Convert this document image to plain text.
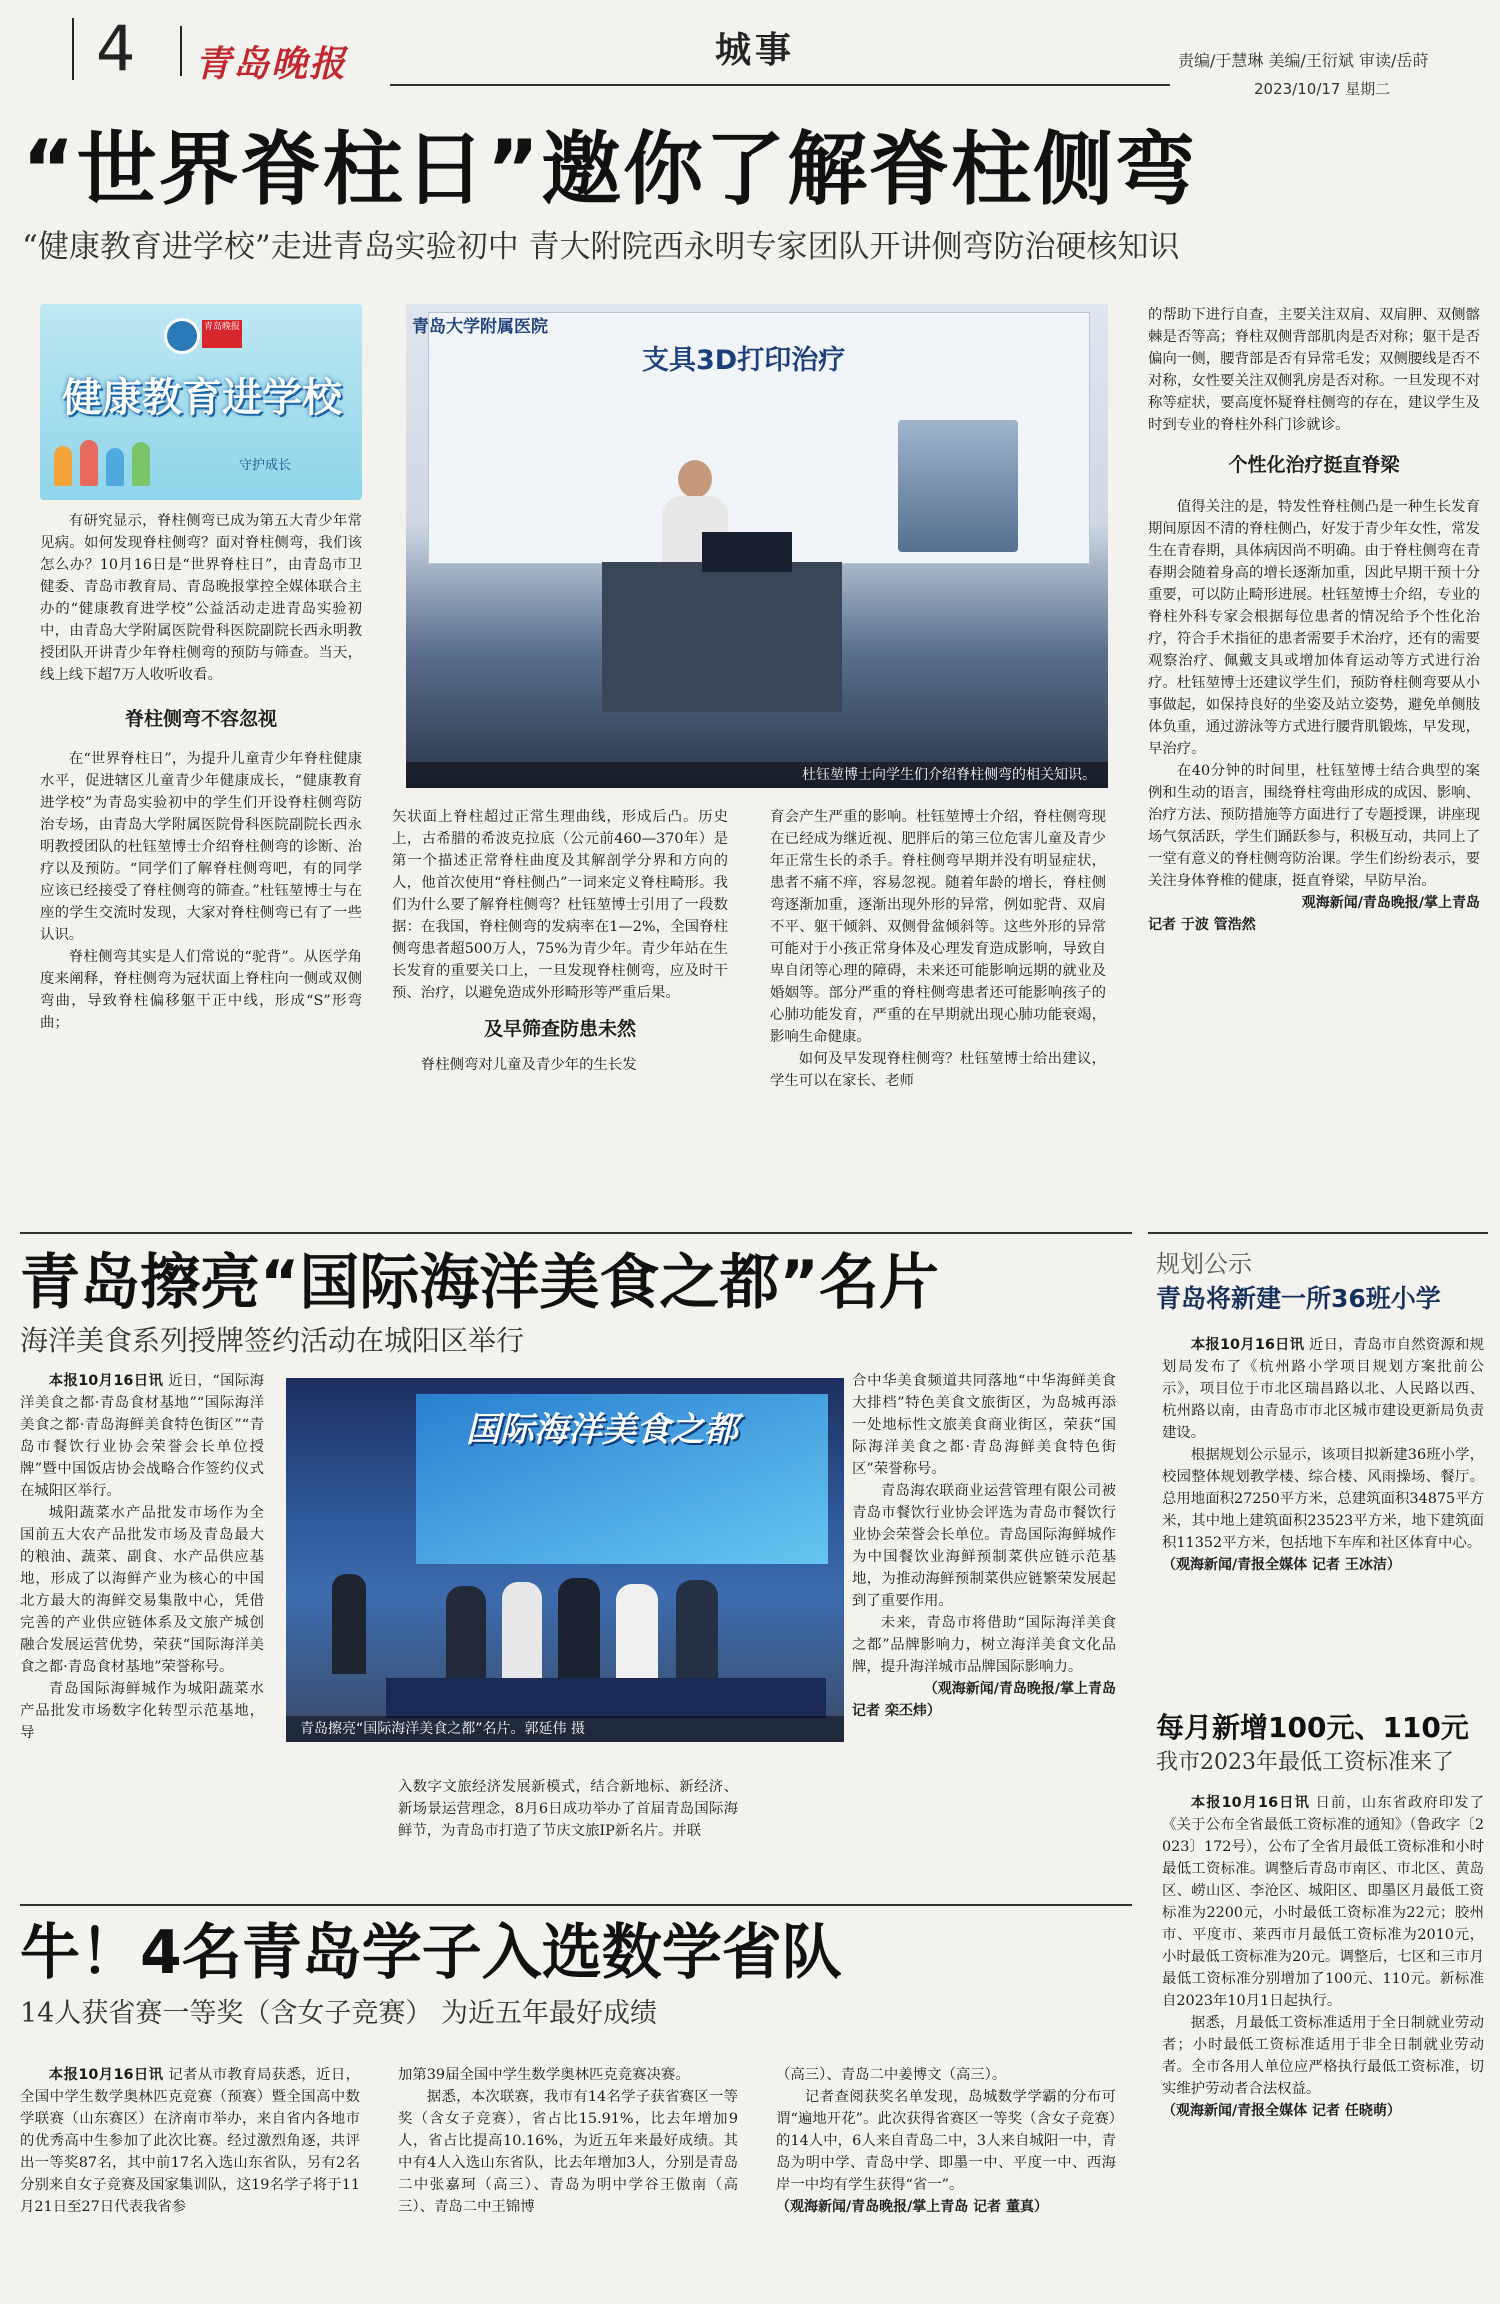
4 青岛晚报	城事	责编/于慧琳 美编/王衍斌 审读/岳莳
2023/10/17 星期二
“世界脊柱日”邀你了解脊柱侧弯
“健康教育进学校”走进青岛实验初中 青大附院西永明专家团队开讲侧弯防治硬核知识
青岛晚报
健康教育进学校
守护成长

有研究显示，脊柱侧弯已成为第五大青少年常见病。如何发现脊柱侧弯？面对脊柱侧弯，我们该怎么办？10月16日是“世界脊柱日”，由青岛市卫健委、青岛市教育局、青岛晚报掌控全媒体联合主办的“健康教育进学校”公益活动走进青岛实验初中，由青岛大学附属医院骨科医院副院长西永明教授团队开讲青少年脊柱侧弯的预防与筛查。当天，线上线下超7万人收听收看。

脊柱侧弯不容忽视

在“世界脊柱日”，为提升儿童青少年脊柱健康水平，促进辖区儿童青少年健康成长，“健康教育进学校”为青岛实验初中的学生们开设脊柱侧弯防治专场，由青岛大学附属医院骨科医院副院长西永明教授团队的杜钰堃博士介绍脊柱侧弯的诊断、治疗以及预防。“同学们了解脊柱侧弯吧，有的同学应该已经接受了脊柱侧弯的筛查。”杜钰堃博士与在座的学生交流时发现，大家对脊柱侧弯已有了一些认识。

脊柱侧弯其实是人们常说的“驼背”。从医学角度来阐释，脊柱侧弯为冠状面上脊柱向一侧或双侧弯曲，导致脊柱偏移躯干正中线，形成“S”形弯曲；

青岛大学附属医院
支具3D打印治疗
杜钰堃博士向学生们介绍脊柱侧弯的相关知识。

矢状面上脊柱超过正常生理曲线，形成后凸。历史上，古希腊的希波克拉底（公元前460—370年）是第一个描述正常脊柱曲度及其解剖学分界和方向的人，他首次使用“脊柱侧凸”一词来定义脊柱畸形。我们为什么要了解脊柱侧弯？杜钰堃博士引用了一段数据：在我国，脊柱侧弯的发病率在1—2%，全国脊柱侧弯患者超500万人，75%为青少年。青少年站在生长发育的重要关口上，一旦发现脊柱侧弯，应及时干预、治疗，以避免造成外形畸形等严重后果。

及早筛查防患未然

脊柱侧弯对儿童及青少年的生长发

育会产生严重的影响。杜钰堃博士介绍，脊柱侧弯现在已经成为继近视、肥胖后的第三位危害儿童及青少年正常生长的杀手。脊柱侧弯早期并没有明显症状，患者不痛不痒，容易忽视。随着年龄的增长，脊柱侧弯逐渐加重，逐渐出现外形的异常，例如驼背、双肩不平、躯干倾斜、双侧骨盆倾斜等。这些外形的异常可能对于小孩正常身体及心理发育造成影响，导致自卑自闭等心理的障碍，未来还可能影响远期的就业及婚姻等。部分严重的脊柱侧弯患者还可能影响孩子的心肺功能发育，严重的在早期就出现心肺功能衰竭，影响生命健康。

如何及早发现脊柱侧弯？杜钰堃博士给出建议，学生可以在家长、老师

的帮助下进行自查，主要关注双肩、双肩胛、双侧髂棘是否等高；脊柱双侧背部肌肉是否对称；躯干是否偏向一侧，腰背部是否有异常毛发；双侧腰线是否不对称，女性要关注双侧乳房是否对称。一旦发现不对称等症状，要高度怀疑脊柱侧弯的存在，建议学生及时到专业的脊柱外科门诊就诊。

个性化治疗挺直脊梁

值得关注的是，特发性脊柱侧凸是一种生长发育期间原因不清的脊柱侧凸，好发于青少年女性，常发生在青春期，具体病因尚不明确。由于脊柱侧弯在青春期会随着身高的增长逐渐加重，因此早期干预十分重要，可以防止畸形进展。杜钰堃博士介绍，专业的脊柱外科专家会根据每位患者的情况给予个性化治疗，符合手术指征的患者需要手术治疗，还有的需要观察治疗、佩戴支具或增加体育运动等方式进行治疗。杜钰堃博士还建议学生们，预防脊柱侧弯要从小事做起，如保持良好的坐姿及站立姿势，避免单侧肢体负重，通过游泳等方式进行腰背肌锻炼，早发现，早治疗。

在40分钟的时间里，杜钰堃博士结合典型的案例和生动的语言，围绕脊柱弯曲形成的成因、影响、治疗方法、预防措施等方面进行了专题授课，讲座现场气氛活跃，学生们踊跃参与，积极互动，共同上了一堂有意义的脊柱侧弯防治课。学生们纷纷表示，要关注身体脊椎的健康，挺直脊梁，早防早治。

观海新闻/青岛晚报/掌上青岛
记者 于波 管浩然
青岛擦亮“国际海洋美食之都”名片
海洋美食系列授牌签约活动在城阳区举行

本报10月16日讯 近日，“国际海洋美食之都·青岛食材基地”“国际海洋美食之都·青岛海鲜美食特色街区”“青岛市餐饮行业协会荣誉会长单位授牌”暨中国饭店协会战略合作签约仪式在城阳区举行。

城阳蔬菜水产品批发市场作为全国前五大农产品批发市场及青岛最大的粮油、蔬菜、副食、水产品供应基地，形成了以海鲜产业为核心的中国北方最大的海鲜交易集散中心，凭借完善的产业供应链体系及文旅产城创融合发展运营优势，荣获“国际海洋美食之都·青岛食材基地”荣誉称号。

青岛国际海鲜城作为城阳蔬菜水产品批发市场数字化转型示范基地，导

国际海洋美食之都
青岛擦亮“国际海洋美食之都”名片。郭延伟 摄

入数字文旅经济发展新模式，结合新地标、新经济、新场景运营理念，8月6日成功举办了首届青岛国际海鲜节，为青岛市打造了节庆文旅IP新名片。并联

合中华美食频道共同落地“中华海鲜美食大排档”特色美食文旅街区，为岛城再添一处地标性文旅美食商业街区，荣获“国际海洋美食之都·青岛海鲜美食特色街区”荣誉称号。

青岛海农联商业运营管理有限公司被青岛市餐饮行业协会评选为青岛市餐饮行业协会荣誉会长单位。青岛国际海鲜城作为中国餐饮业海鲜预制菜供应链示范基地，为推动海鲜预制菜供应链繁荣发展起到了重要作用。

未来，青岛市将借助“国际海洋美食之都”品牌影响力，树立海洋美食文化品牌，提升海洋城市品牌国际影响力。

（观海新闻/青岛晚报/掌上青岛
记者 栾丕炜）
规划公示
青岛将新建一所36班小学

本报10月16日讯 近日，青岛市自然资源和规划局发布了《杭州路小学项目规划方案批前公示》，项目位于市北区瑞昌路以北、人民路以西、杭州路以南，由青岛市市北区城市建设更新局负责建设。

根据规划公示显示，该项目拟新建36班小学，校园整体规划教学楼、综合楼、风雨操场、餐厅。总用地面积27250平方米，总建筑面积34875平方米，其中地上建筑面积23523平方米，地下建筑面积11352平方米，包括地下车库和社区体育中心。

（观海新闻/青报全媒体 记者 王冰洁）
每月新增100元、110元
我市2023年最低工资标准来了

本报10月16日讯 日前，山东省政府印发了《关于公布全省最低工资标准的通知》（鲁政字〔2023〕172号），公布了全省月最低工资标准和小时最低工资标准。调整后青岛市南区、市北区、黄岛区、崂山区、李沧区、城阳区、即墨区月最低工资标准为2200元，小时最低工资标准为22元；胶州市、平度市、莱西市月最低工资标准为2010元，小时最低工资标准为20元。调整后，七区和三市月最低工资标准分别增加了100元、110元。新标准自2023年10月1日起执行。

据悉，月最低工资标准适用于全日制就业劳动者；小时最低工资标准适用于非全日制就业劳动者。全市各用人单位应严格执行最低工资标准，切实维护劳动者合法权益。

（观海新闻/青报全媒体 记者 任晓萌）
牛！4名青岛学子入选数学省队
14人获省赛一等奖（含女子竞赛） 为近五年最好成绩

本报10月16日讯 记者从市教育局获悉，近日，全国中学生数学奥林匹克竞赛（预赛）暨全国高中数学联赛（山东赛区）在济南市举办，来自省内各地市的优秀高中生参加了此次比赛。经过激烈角逐，共评出一等奖87名，其中前17名入选山东省队，另有2名分别来自女子竞赛及国家集训队，这19名学子将于11月21日至27日代表我省参

加第39届全国中学生数学奥林匹克竞赛决赛。

据悉，本次联赛，我市有14名学子获省赛区一等奖（含女子竞赛），省占比15.91%，比去年增加9人，省占比提高10.16%，为近五年来最好成绩。其中有4人入选山东省队，比去年增加3人，分别是青岛二中张嘉珂（高三）、青岛为明中学谷王傲南（高三）、青岛二中王锦博

（高三）、青岛二中姜博文（高三）。

记者查阅获奖名单发现，岛城数学学霸的分布可谓“遍地开花”。此次获得省赛区一等奖（含女子竞赛）的14人中，6人来自青岛二中，3人来自城阳一中，青岛为明中学、青岛中学、即墨一中、平度一中、西海岸一中均有学生获得“省一”。

（观海新闻/青岛晚报/掌上青岛 记者 董真）
